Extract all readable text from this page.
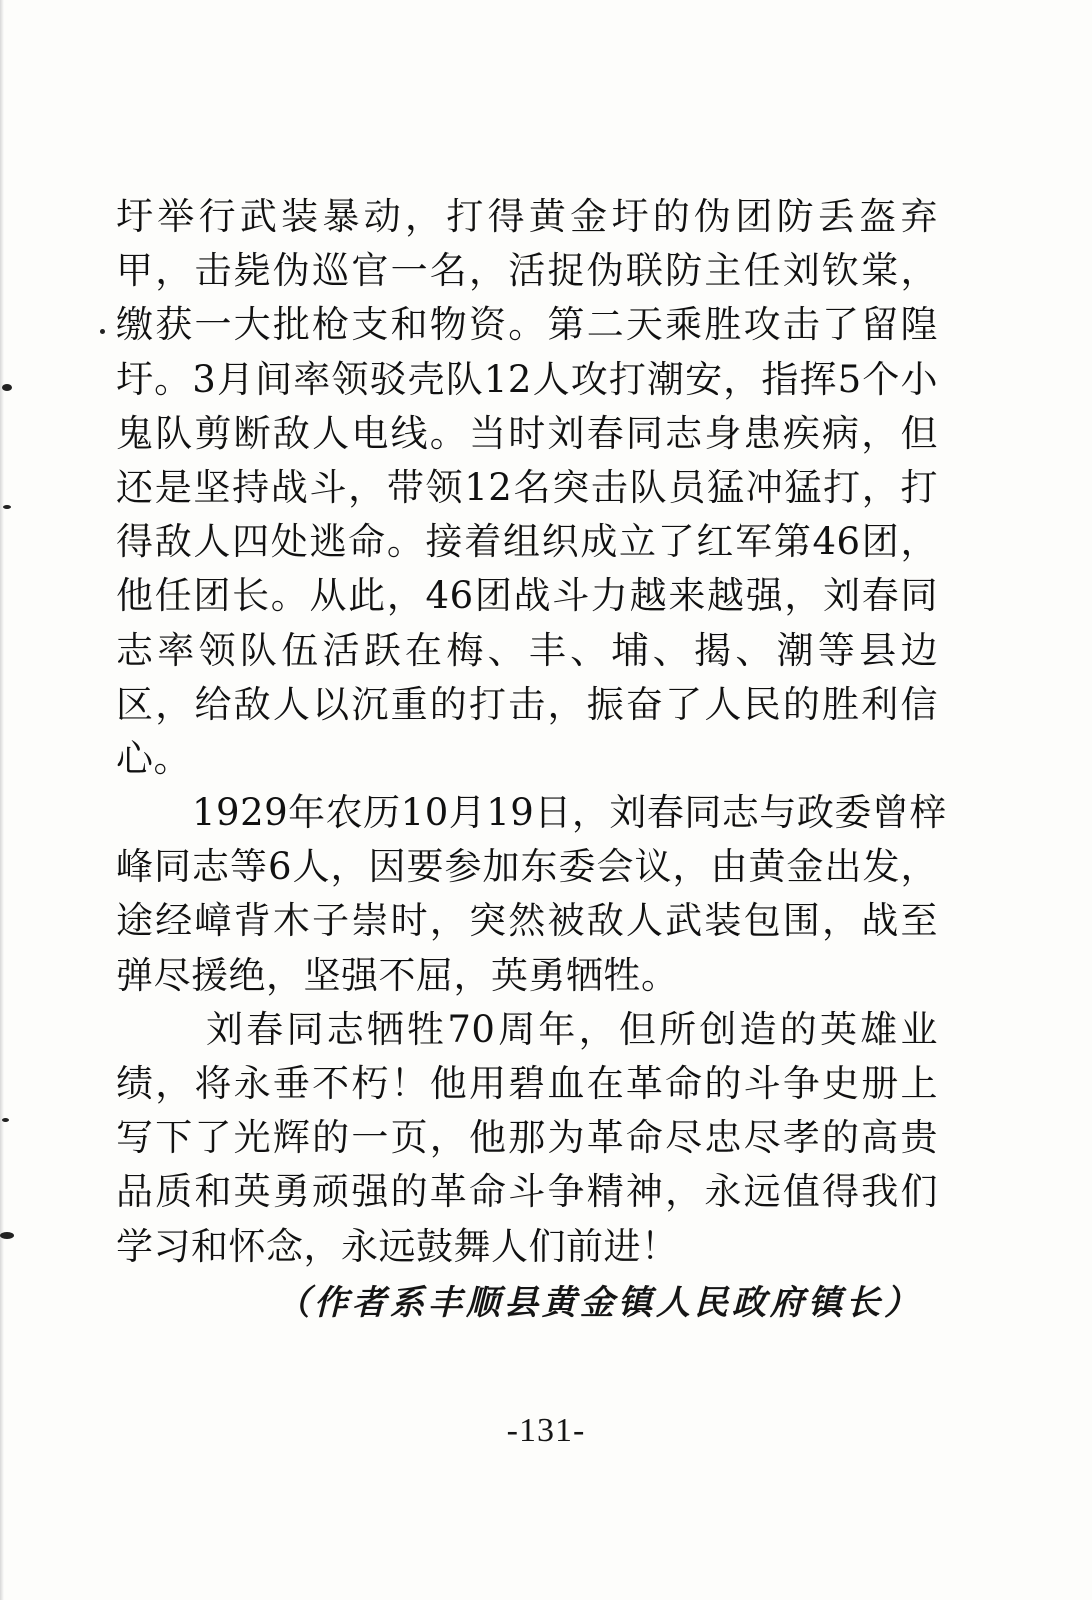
圩举行武装暴动，打得黄金圩的伪团防丢盔弃
甲，击毙伪巡官一名，活捉伪联防主任刘钦棠，
缴获一大批枪支和物资。第二天乘胜攻击了留隍
圩。3月间率领驳壳队12人攻打潮安，指挥5个小
鬼队剪断敌人电线。当时刘春同志身患疾病，但
还是坚持战斗，带领12名突击队员猛冲猛打，打
得敌人四处逃命。接着组织成立了红军第46团，
他任团长。从此，46团战斗力越来越强，刘春同
志率领队伍活跃在梅、丰、埔、揭、潮等县边
区，给敌人以沉重的打击，振奋了人民的胜利信
心。
1929年农历10月19日，刘春同志与政委曾梓
峰同志等6人，因要参加东委会议，由黄金出发，
途经嶂背木子崇时，突然被敌人武装包围，战至
弹尽援绝，坚强不屈，英勇牺牲。
刘春同志牺牲70周年，但所创造的英雄业
绩，将永垂不朽！他用碧血在革命的斗争史册上
写下了光辉的一页，他那为革命尽忠尽孝的高贵
品质和英勇顽强的革命斗争精神，永远值得我们
学习和怀念，永远鼓舞人们前进！
（作者系丰顺县黄金镇人民政府镇长）
-131-
